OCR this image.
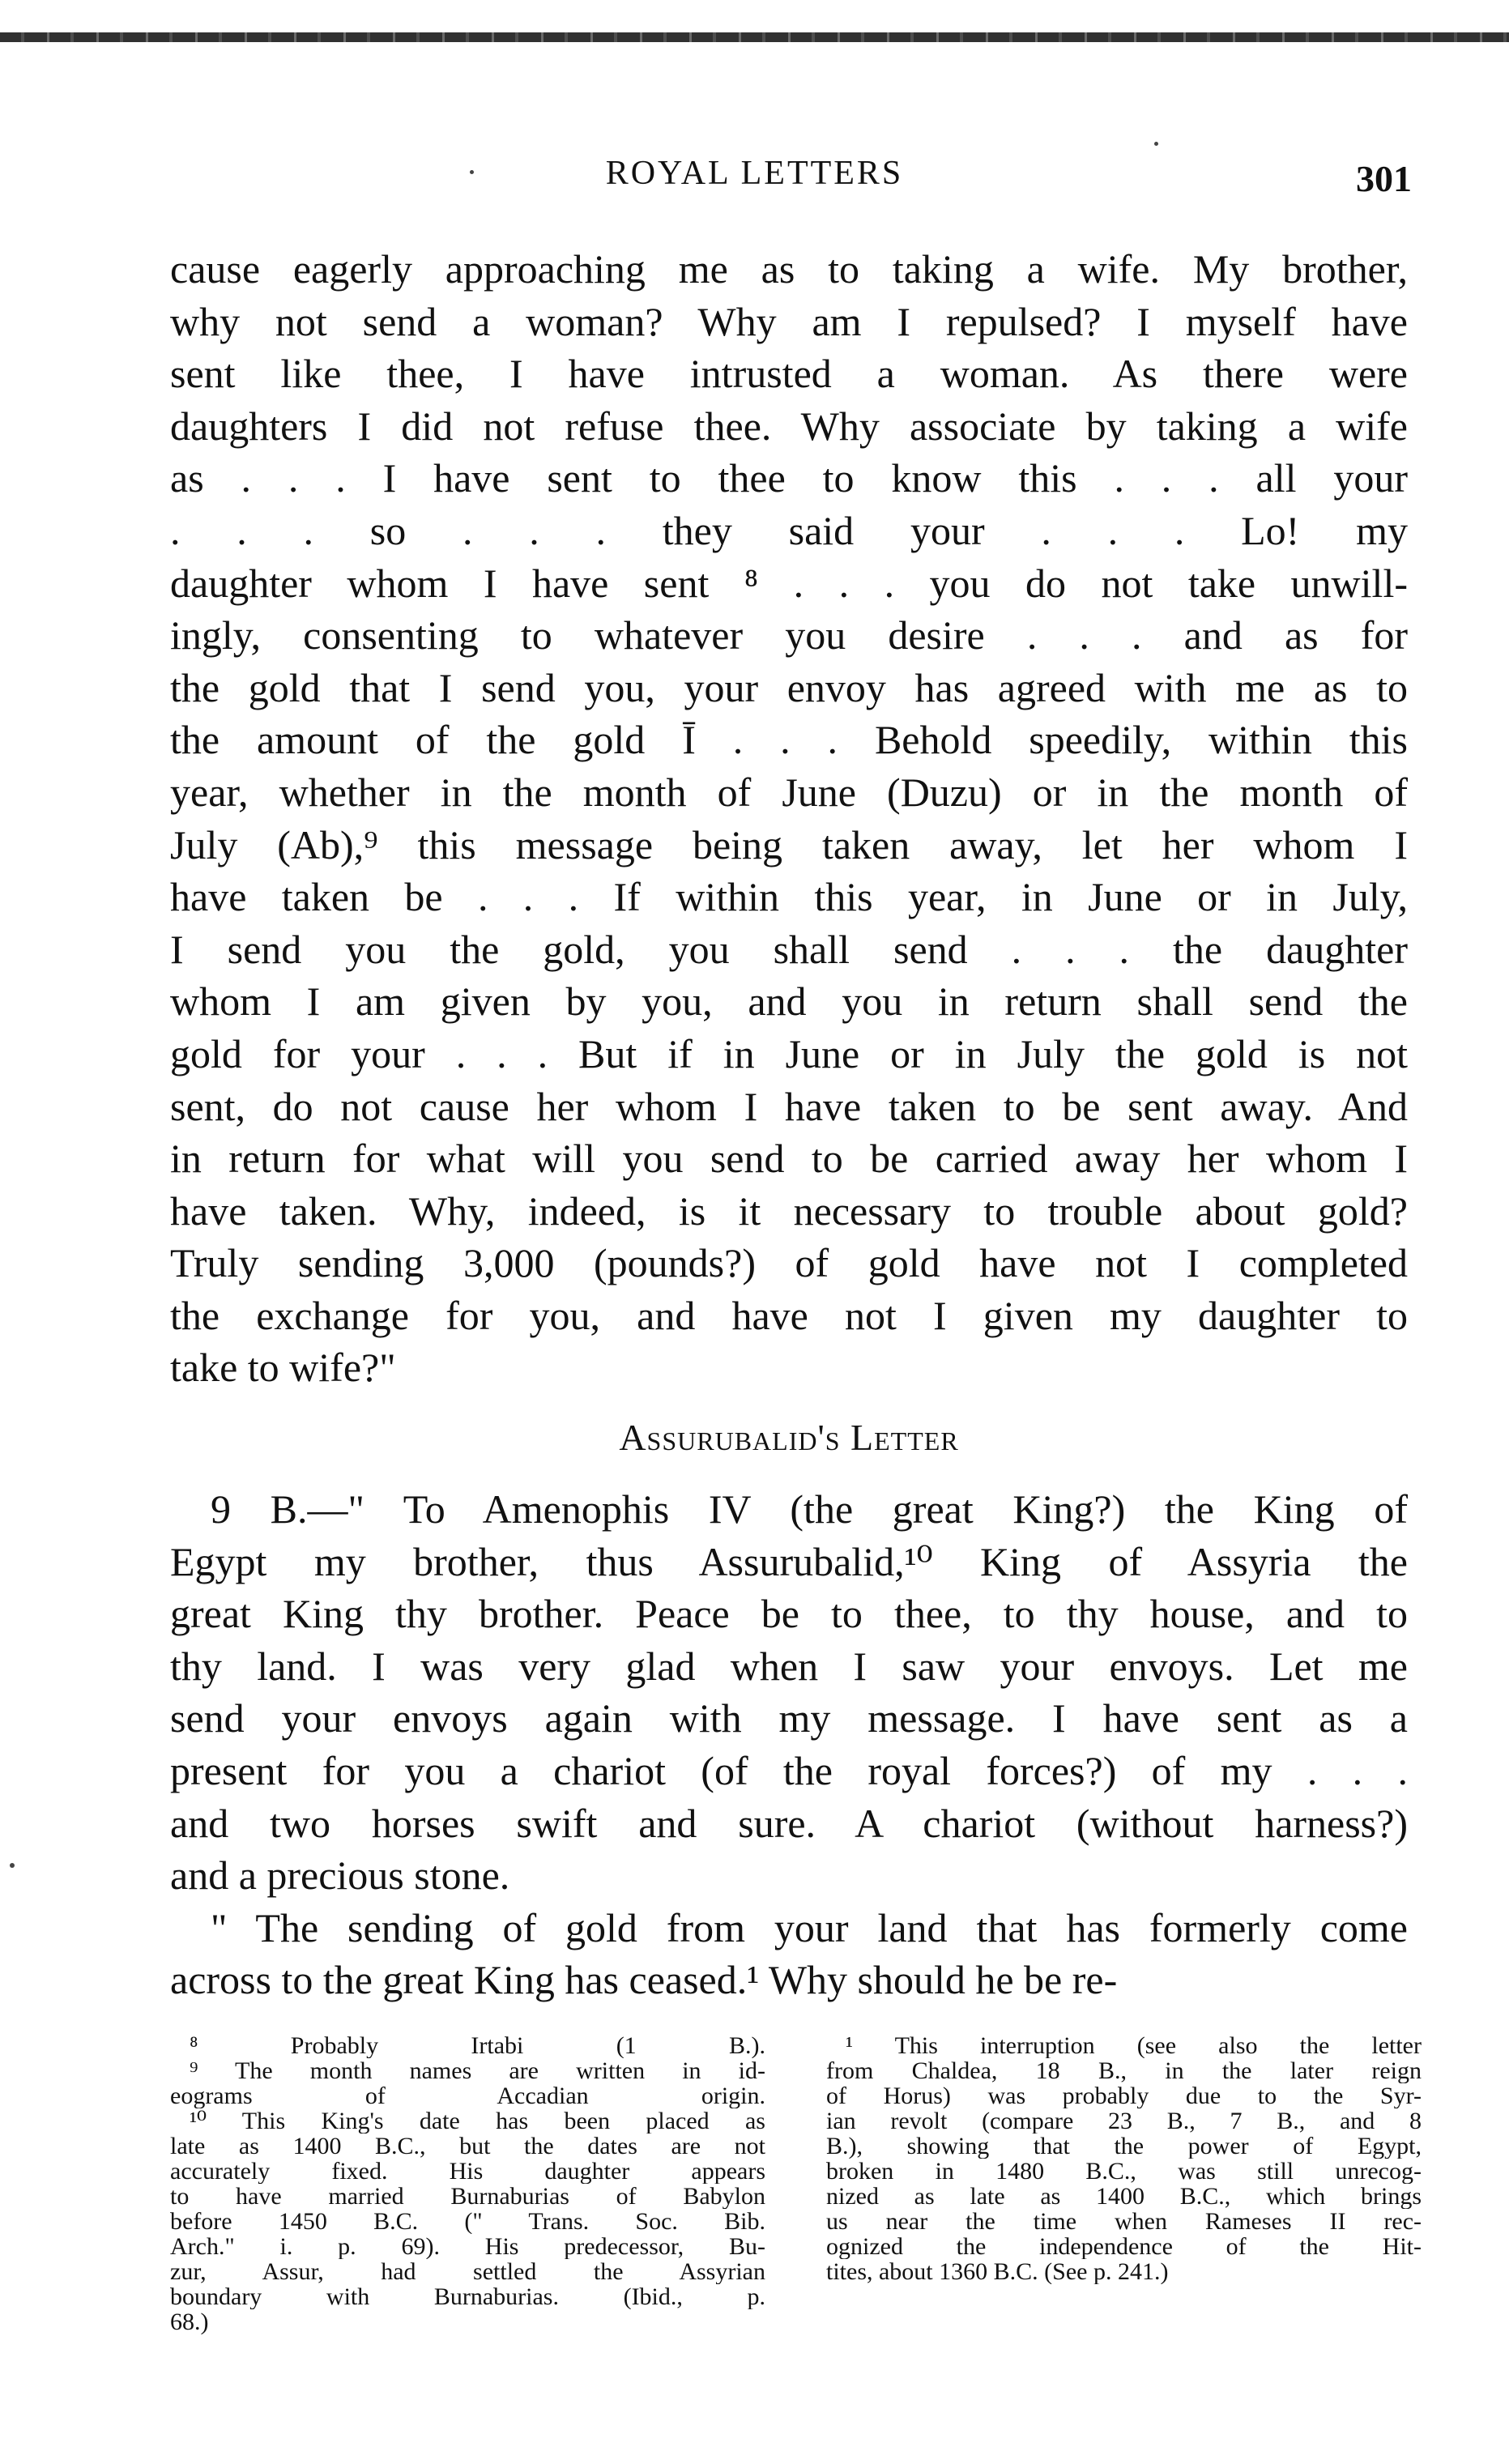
ROYAL LETTERS	301
cause eagerly approaching me as to taking a wife. My brother,
why not send a woman? Why am I repulsed? I myself have
sent like thee, I have intrusted a woman. As there were
daughters I did not refuse thee. Why associate by taking a wife
as . . . I have sent to thee to know this . . . all your
. . . so . . . they said your . . . Lo! my
daughter whom I have sent ⁸ . . . you do not take unwill-
ingly, consenting to whatever you desire . . . and as for
the gold that I send you, your envoy has agreed with me as to
the amount of the gold Ī . . . Behold speedily, within this
year, whether in the month of June (Duzu) or in the month of
July (Ab),⁹ this message being taken away, let her whom I
have taken be . . . If within this year, in June or in July,
I send you the gold, you shall send . . . the daughter
whom I am given by you, and you in return shall send the
gold for your . . . But if in June or in July the gold is not
sent, do not cause her whom I have taken to be sent away. And
in return for what will you send to be carried away her whom I
have taken. Why, indeed, is it necessary to trouble about gold?
Truly sending 3,000 (pounds?) of gold have not I completed
the exchange for you, and have not I given my daughter to
take to wife?"
Assurubalid's Letter
9 B.—" To Amenophis IV (the great King?) the King of
Egypt my brother, thus Assurubalid,¹⁰ King of Assyria the
great King thy brother. Peace be to thee, to thy house, and to
thy land. I was very glad when I saw your envoys. Let me
send your envoys again with my message. I have sent as a
present for you a chariot (of the royal forces?) of my . . .
and two horses swift and sure. A chariot (without harness?)
and a precious stone.
" The sending of gold from your land that has formerly come
across to the great King has ceased.¹ Why should he be re-
⁸ Probably Irtabi (1 B.).
⁹ The month names are written in id-
eograms of Accadian origin.
¹⁰ This King's date has been placed as
late as 1400 B.C., but the dates are not
accurately fixed. His daughter appears
to have married Burnaburias of Babylon
before 1450 B.C. (" Trans. Soc. Bib.
Arch." i. p. 69). His predecessor, Bu-
zur, Assur, had settled the Assyrian
boundary with Burnaburias. (Ibid., p.
68.)
¹ This interruption (see also the letter
from Chaldea, 18 B., in the later reign
of Horus) was probably due to the Syr-
ian revolt (compare 23 B., 7 B., and 8
B.), showing that the power of Egypt,
broken in 1480 B.C., was still unrecog-
nized as late as 1400 B.C., which brings
us near the time when Rameses II rec-
ognized the independence of the Hit-
tites, about 1360 B.C. (See p. 241.)
